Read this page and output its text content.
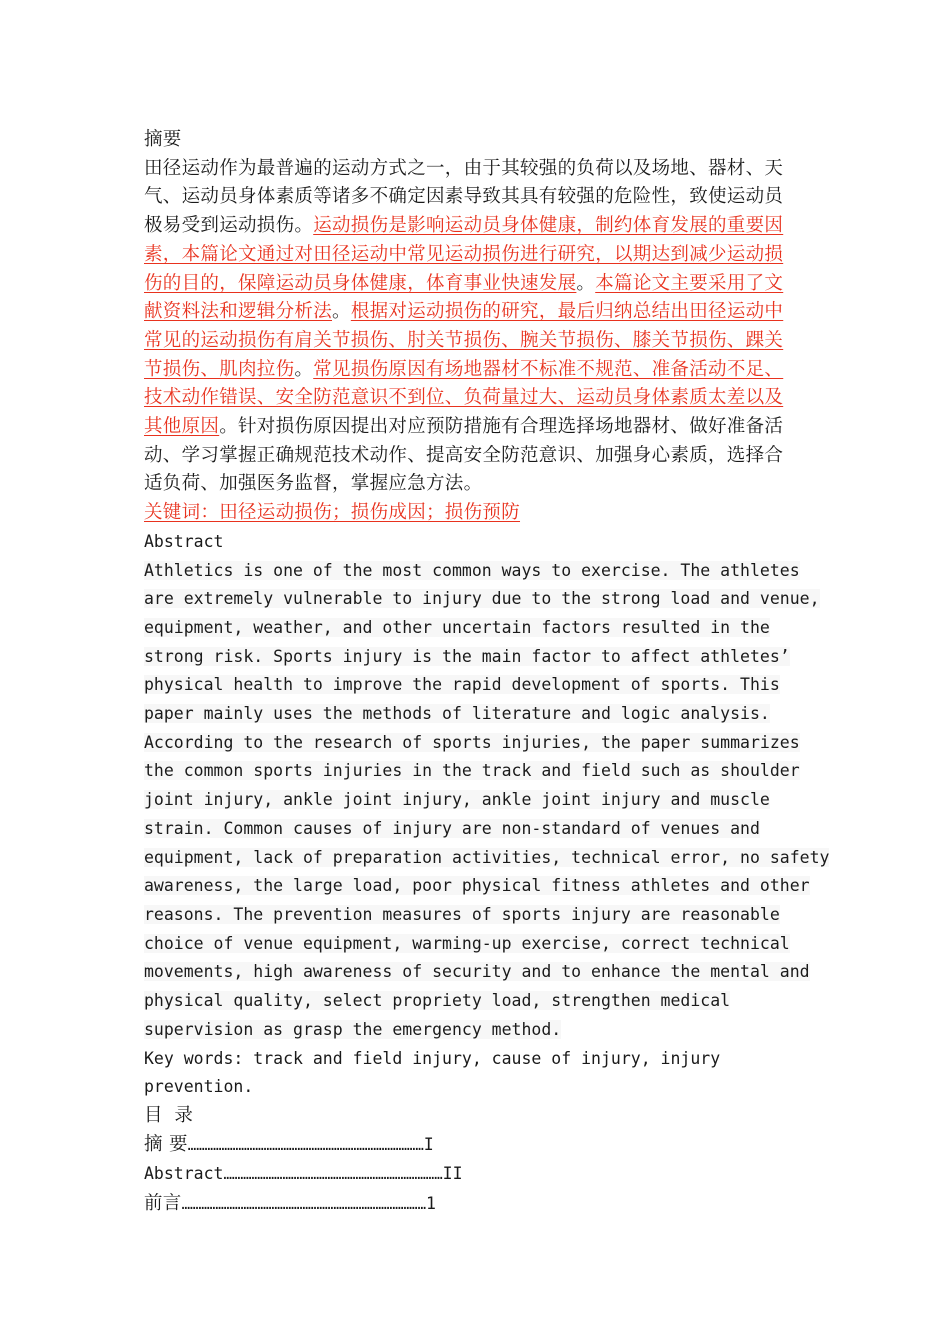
摘要
田径运动作为最普遍的运动方式之一，由于其较强的负荷以及场地、器材、天
气、运动员身体素质等诸多不确定因素导致其具有较强的危险性，致使运动员
极易受到运动损伤。运动损伤是影响运动员身体健康，制约体育发展的重要因
素，本篇论文通过对田径运动中常见运动损伤进行研究，以期达到减少运动损
伤的目的，保障运动员身体健康，体育事业快速发展。本篇论文主要采用了文
献资料法和逻辑分析法。根据对运动损伤的研究，最后归纳总结出田径运动中
常见的运动损伤有肩关节损伤、肘关节损伤、腕关节损伤、膝关节损伤、踝关
节损伤、肌肉拉伤。常见损伤原因有场地器材不标准不规范、准备活动不足、
技术动作错误、安全防范意识不到位、负荷量过大、运动员身体素质太差以及
其他原因。针对损伤原因提出对应预防措施有合理选择场地器材、做好准备活
动、学习掌握正确规范技术动作、提高安全防范意识、加强身心素质，选择合
适负荷、加强医务监督，掌握应急方法。
关键词：田径运动损伤；损伤成因；损伤预防
Abstract
Athletics is one of the most common ways to exercise. The athletes
are extremely vulnerable to injury due to the strong load and venue,
equipment, weather, and other uncertain factors resulted in the
strong risk. Sports injury is the main factor to affect athletes’
physical health to improve the rapid development of sports. This
paper mainly uses the methods of literature and logic analysis.
According to the research of sports injuries, the paper summarizes
the common sports injuries in the track and field such as shoulder
joint injury, ankle joint injury, ankle joint injury and muscle
strain. Common causes of injury are non-standard of venues and
equipment, lack of preparation activities, technical error, no safety
awareness, the large load, poor physical fitness athletes and other
reasons. The prevention measures of sports injury are reasonable
choice of venue equipment, warming-up exercise, correct technical
movements, high awareness of security and to enhance the mental and
physical quality, select propriety load, strengthen medical
supervision as grasp the emergency method.
Key words: track and field injury, cause of injury, injury
prevention.
目 录
摘 要 ………………………………………………………………………… I
Abstract …………………………………………………………………… II
前言 …………………………………………………………………………… 1
